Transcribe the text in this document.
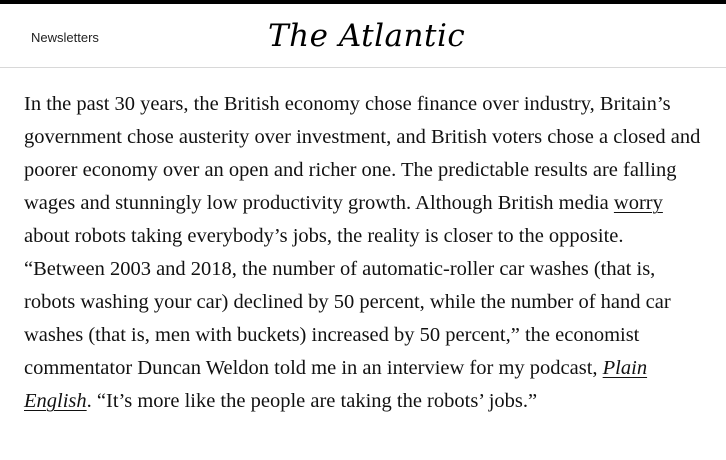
Newsletters	The Atlantic

In the past 30 years, the British economy chose finance over industry, Britain’s government chose austerity over investment, and British voters chose a closed and poorer economy over an open and richer one. The predictable results are falling wages and stunningly low productivity growth. Although British media worry about robots taking everybody’s jobs, the reality is closer to the opposite. “Between 2003 and 2018, the number of automatic-roller car washes (that is, robots washing your car) declined by 50 percent, while the number of hand car washes (that is, men with buckets) increased by 50 percent,” the economist commentator Duncan Weldon told me in an interview for my podcast, Plain English. “It’s more like the people are taking the robots’ jobs.”
